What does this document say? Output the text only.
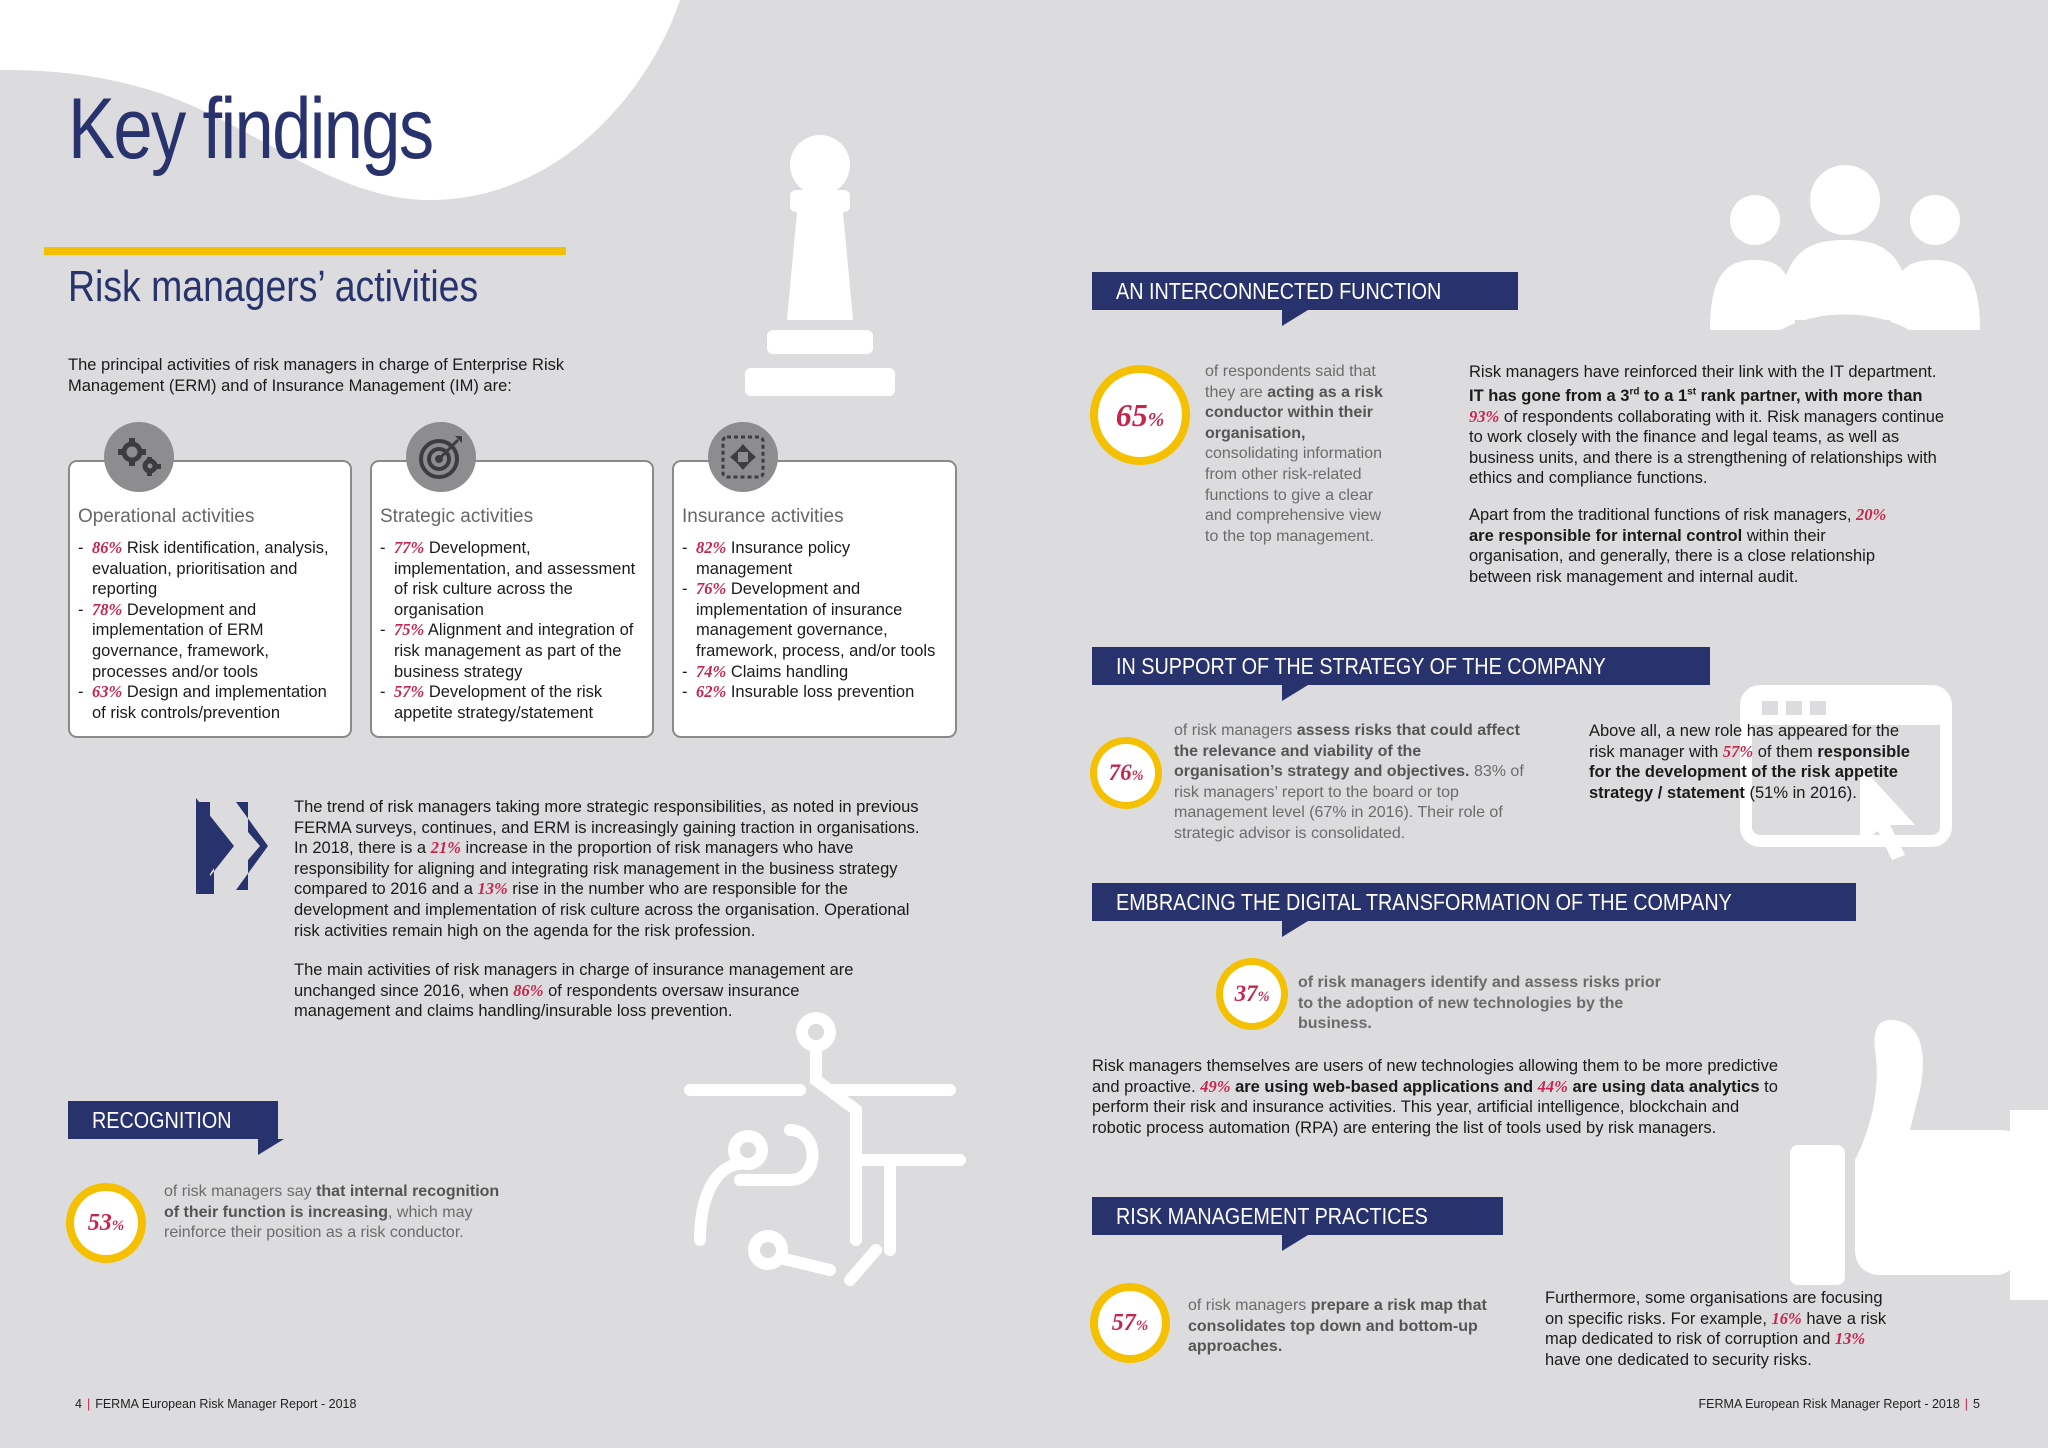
Key findings
Risk managers’ activities
The principal activities of risk managers in charge of Enterprise Risk Management (ERM) and of Insurance Management (IM) are:
Operational activities
- 86% Risk identification, analysis, evaluation, prioritisation and reporting
- 78% Development and implementation of ERM governance, framework, processes and/or tools
- 63% Design and implementation of risk controls/prevention
Strategic activities
- 77% Development, implementation, and assessment of risk culture across the organisation
- 75% Alignment and integration of risk management as part of the business strategy
- 57% Development of the risk appetite strategy/statement
Insurance activities
- 82% Insurance policy management
- 76% Development and implementation of insurance management governance, framework, process, and/or tools
- 74% Claims handling
- 62% Insurable loss prevention
The trend of risk managers taking more strategic responsibilities, as noted in previous FERMA surveys, continues, and ERM is increasingly gaining traction in organisations. In 2018, there is a 21% increase in the proportion of risk managers who have responsibility for aligning and integrating risk management in the business strategy compared to 2016 and a 13% rise in the number who are responsible for the development and implementation of risk culture across the organisation. Operational risk activities remain high on the agenda for the risk profession.
The main activities of risk managers in charge of insurance management are unchanged since 2016, when 86% of respondents oversaw insurance management and claims handling/insurable loss prevention.
RECOGNITION
53%
of risk managers say that internal recognition of their function is increasing, which may reinforce their position as a risk conductor.
AN INTERCONNECTED FUNCTION
65%
of respondents said that they are acting as a risk conductor within their organisation, consolidating information from other risk-related functions to give a clear and comprehensive view to the top management.
Risk managers have reinforced their link with the IT department. IT has gone from a 3rd to a 1st rank partner, with more than
93% of respondents collaborating with it. Risk managers continue to work closely with the finance and legal teams, as well as business units, and there is a strengthening of relationships with ethics and compliance functions.
Apart from the traditional functions of risk managers, 20% are responsible for internal control within their organisation, and generally, there is a close relationship between risk management and internal audit.
IN SUPPORT OF THE STRATEGY OF THE COMPANY
76%
of risk managers assess risks that could affect the relevance and viability of the organisation’s strategy and objectives. 83% of risk managers’ report to the board or top management level (67% in 2016). Their role of strategic advisor is consolidated.
Above all, a new role has appeared for the risk manager with 57% of them responsible for the development of the risk appetite strategy / statement (51% in 2016).
EMBRACING THE DIGITAL TRANSFORMATION OF THE COMPANY
37%
of risk managers identify and assess risks prior to the adoption of new technologies by the business.
Risk managers themselves are users of new technologies allowing them to be more predictive and proactive. 49% are using web-based applications and 44% are using data analytics to perform their risk and insurance activities. This year, artificial intelligence, blockchain and robotic process automation (RPA) are entering the list of tools used by risk managers.
RISK MANAGEMENT PRACTICES
57%
of risk managers prepare a risk map that consolidates top down and bottom-up approaches.
Furthermore, some organisations are focusing on specific risks. For example, 16% have a risk map dedicated to risk of corruption and 13% have one dedicated to security risks.
4 | FERMA European Risk Manager Report - 2018	FERMA European Risk Manager Report - 2018 | 5
